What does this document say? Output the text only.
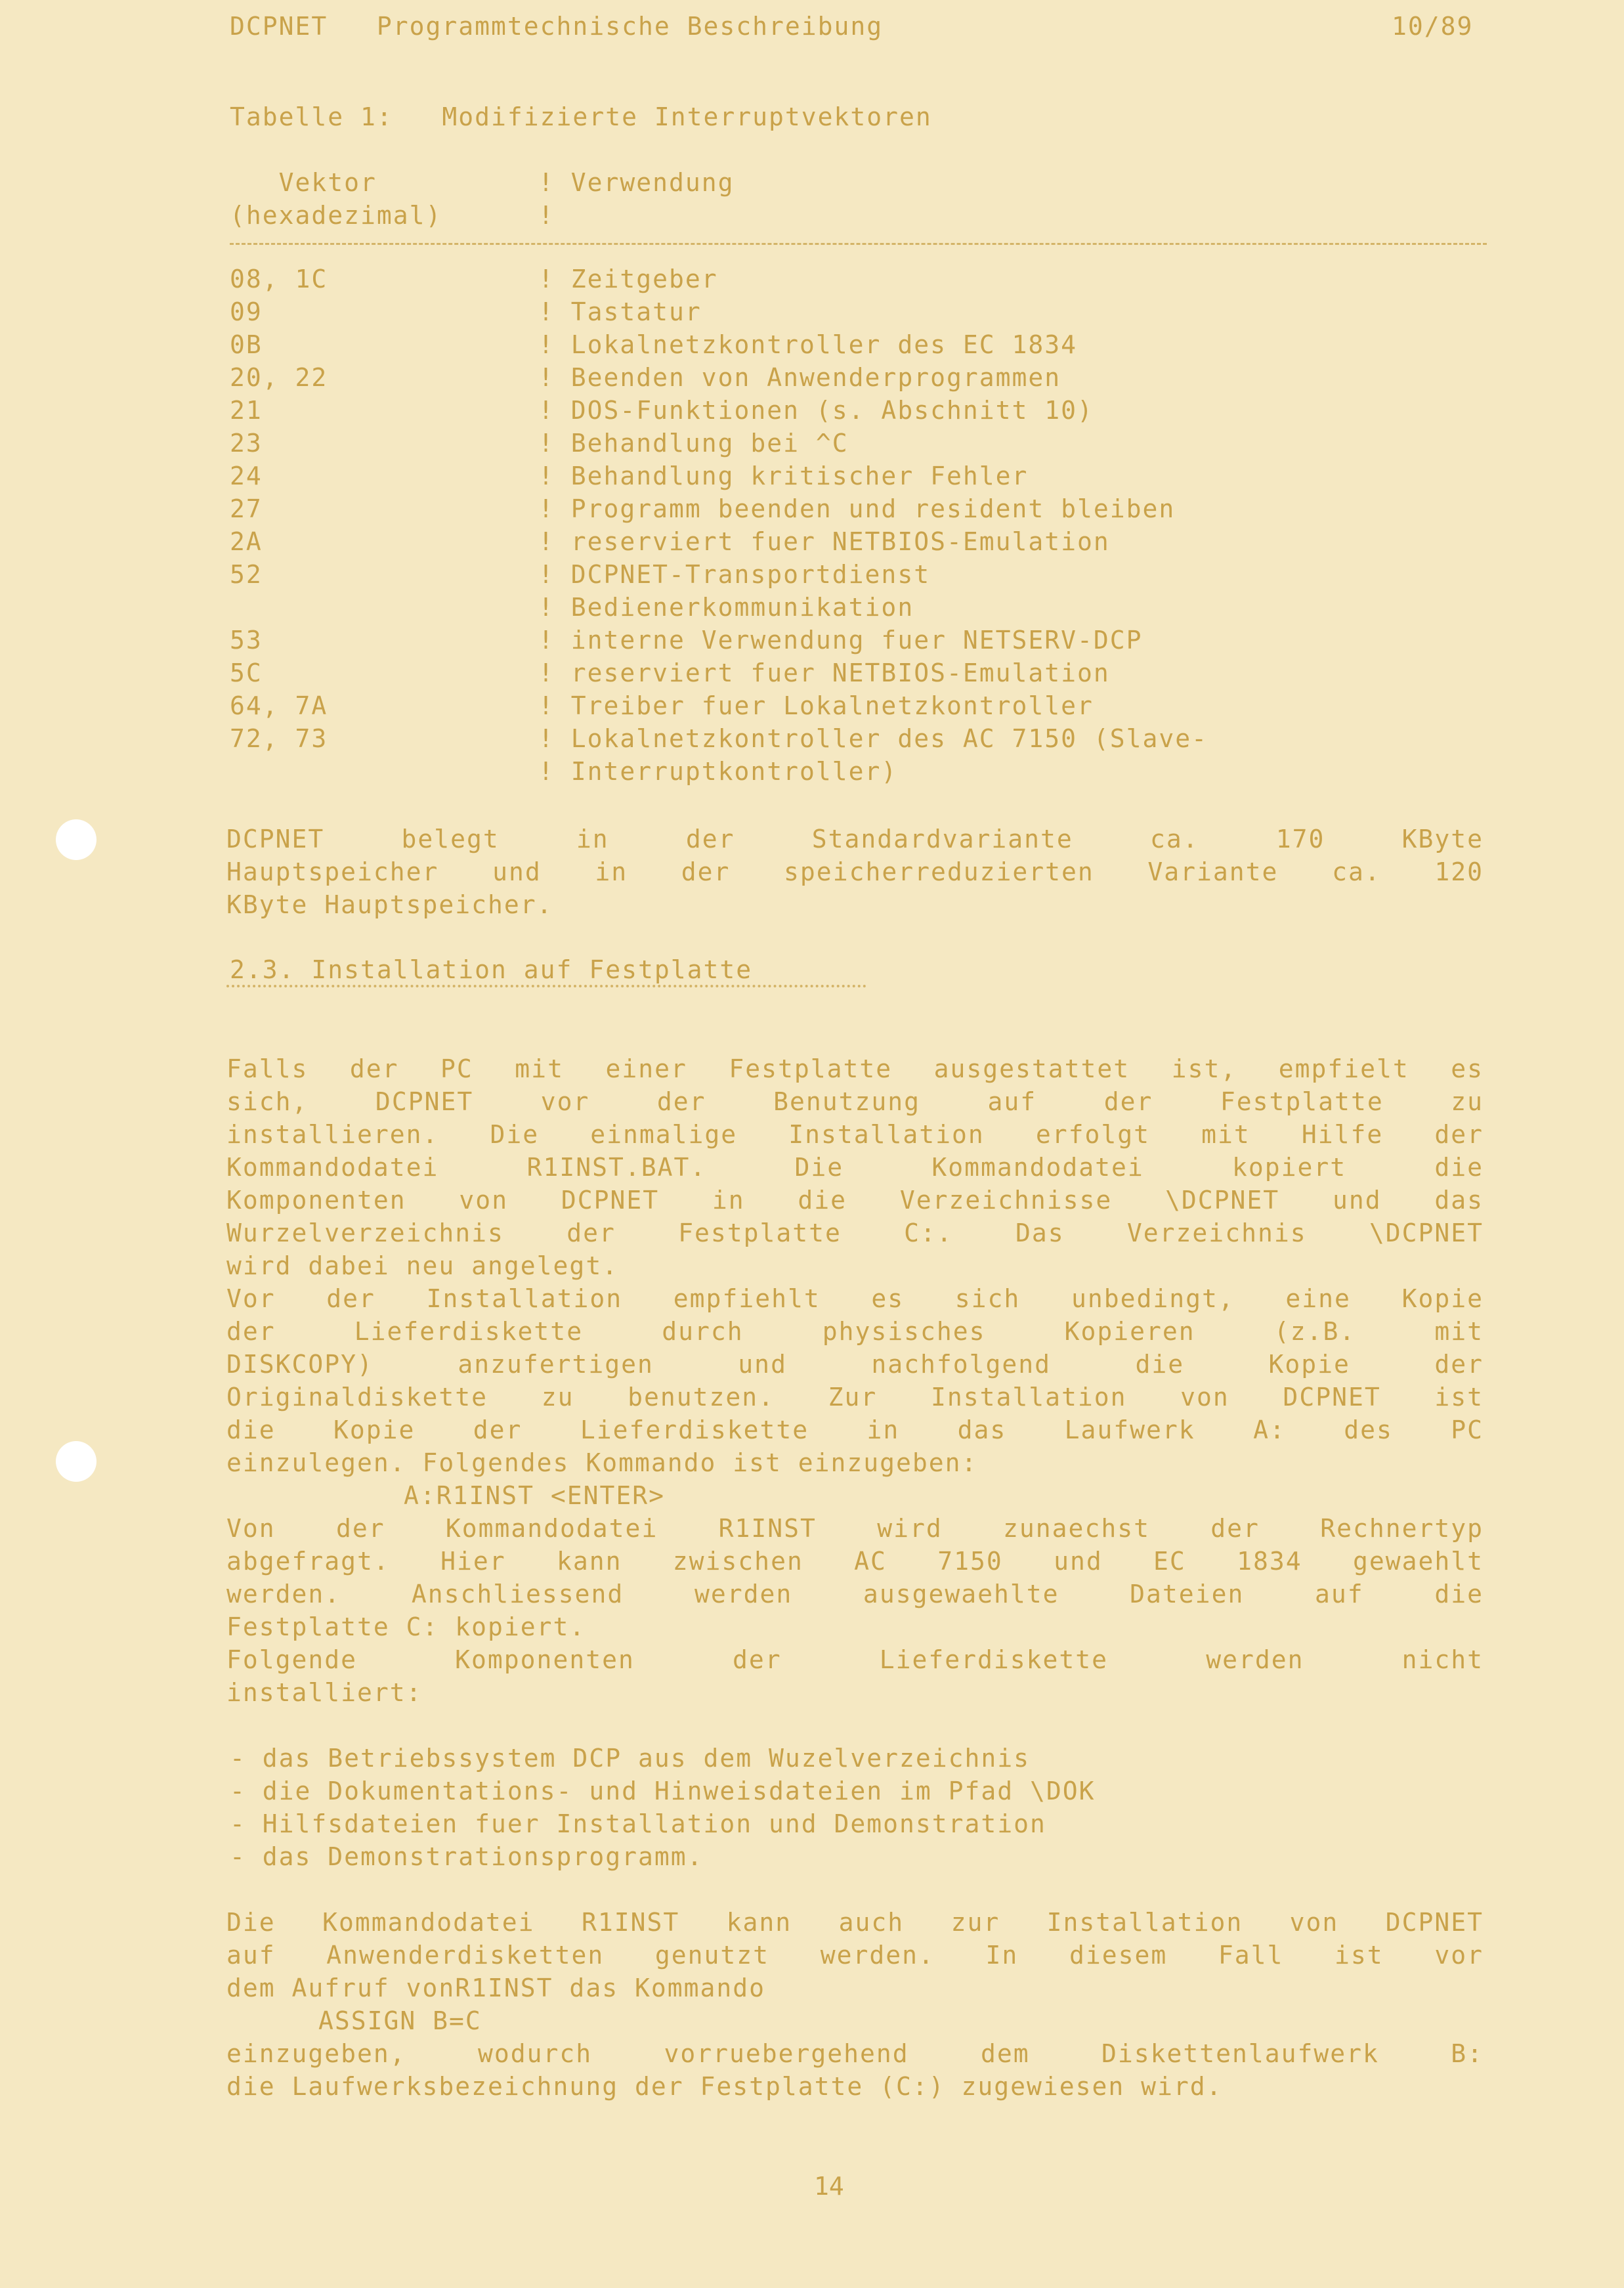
DCPNET   Programmtechnische Beschreibung	10/89
Tabelle 1:   Modifizierte Interruptvektoren
Vektor	! Verwendung
(hexadezimal)	!
08, 1C	! Zeitgeber
09	! Tastatur
0B	! Lokalnetzkontroller des EC 1834
20, 22	! Beenden von Anwenderprogrammen
21	! DOS-Funktionen (s. Abschnitt 10)
23	! Behandlung bei ^C
24	! Behandlung kritischer Fehler
27	! Programm beenden und resident bleiben
2A	! reserviert fuer NETBIOS-Emulation
52	! DCPNET-Transportdienst
! Bedienerkommunikation
53	! interne Verwendung fuer NETSERV-DCP
5C	! reserviert fuer NETBIOS-Emulation
64, 7A	! Treiber fuer Lokalnetzkontroller
72, 73	! Lokalnetzkontroller des AC 7150 (Slave-
! Interruptkontroller)
DCPNET belegt in der Standardvariante ca. 170 KByte
Hauptspeicher und in der speicherreduzierten Variante ca. 120
KByte Hauptspeicher.
2.3. Installation auf Festplatte
Falls der PC mit einer Festplatte ausgestattet ist, empfielt es
sich, DCPNET vor der Benutzung auf der Festplatte zu
installieren. Die einmalige Installation erfolgt mit Hilfe der
Kommandodatei R1INST.BAT. Die Kommandodatei kopiert die
Komponenten von DCPNET in die Verzeichnisse \DCPNET und das
Wurzelverzeichnis der Festplatte C:. Das Verzeichnis \DCPNET
wird dabei neu angelegt.
Vor der Installation empfiehlt es sich unbedingt, eine Kopie
der Lieferdiskette durch physisches Kopieren (z.B. mit
DISKCOPY) anzufertigen und nachfolgend die Kopie der
Originaldiskette zu benutzen. Zur Installation von DCPNET ist
die Kopie der Lieferdiskette in das Laufwerk A: des PC
einzulegen. Folgendes Kommando ist einzugeben:
A:R1INST <ENTER>
Von der Kommandodatei R1INST wird zunaechst der Rechnertyp
abgefragt. Hier kann zwischen AC 7150 und EC 1834 gewaehlt
werden. Anschliessend werden ausgewaehlte Dateien auf die
Festplatte C: kopiert.
Folgende Komponenten der Lieferdiskette werden nicht
installiert:
- das Betriebssystem DCP aus dem Wuzelverzeichnis
- die Dokumentations- und Hinweisdateien im Pfad \DOK
- Hilfsdateien fuer Installation und Demonstration
- das Demonstrationsprogramm.
Die Kommandodatei R1INST kann auch zur Installation von DCPNET
auf Anwenderdisketten genutzt werden. In diesem Fall ist vor
dem Aufruf vonR1INST das Kommando
ASSIGN B=C
einzugeben, wodurch vorruebergehend dem Diskettenlaufwerk B:
die Laufwerksbezeichnung der Festplatte (C:) zugewiesen wird.
14
